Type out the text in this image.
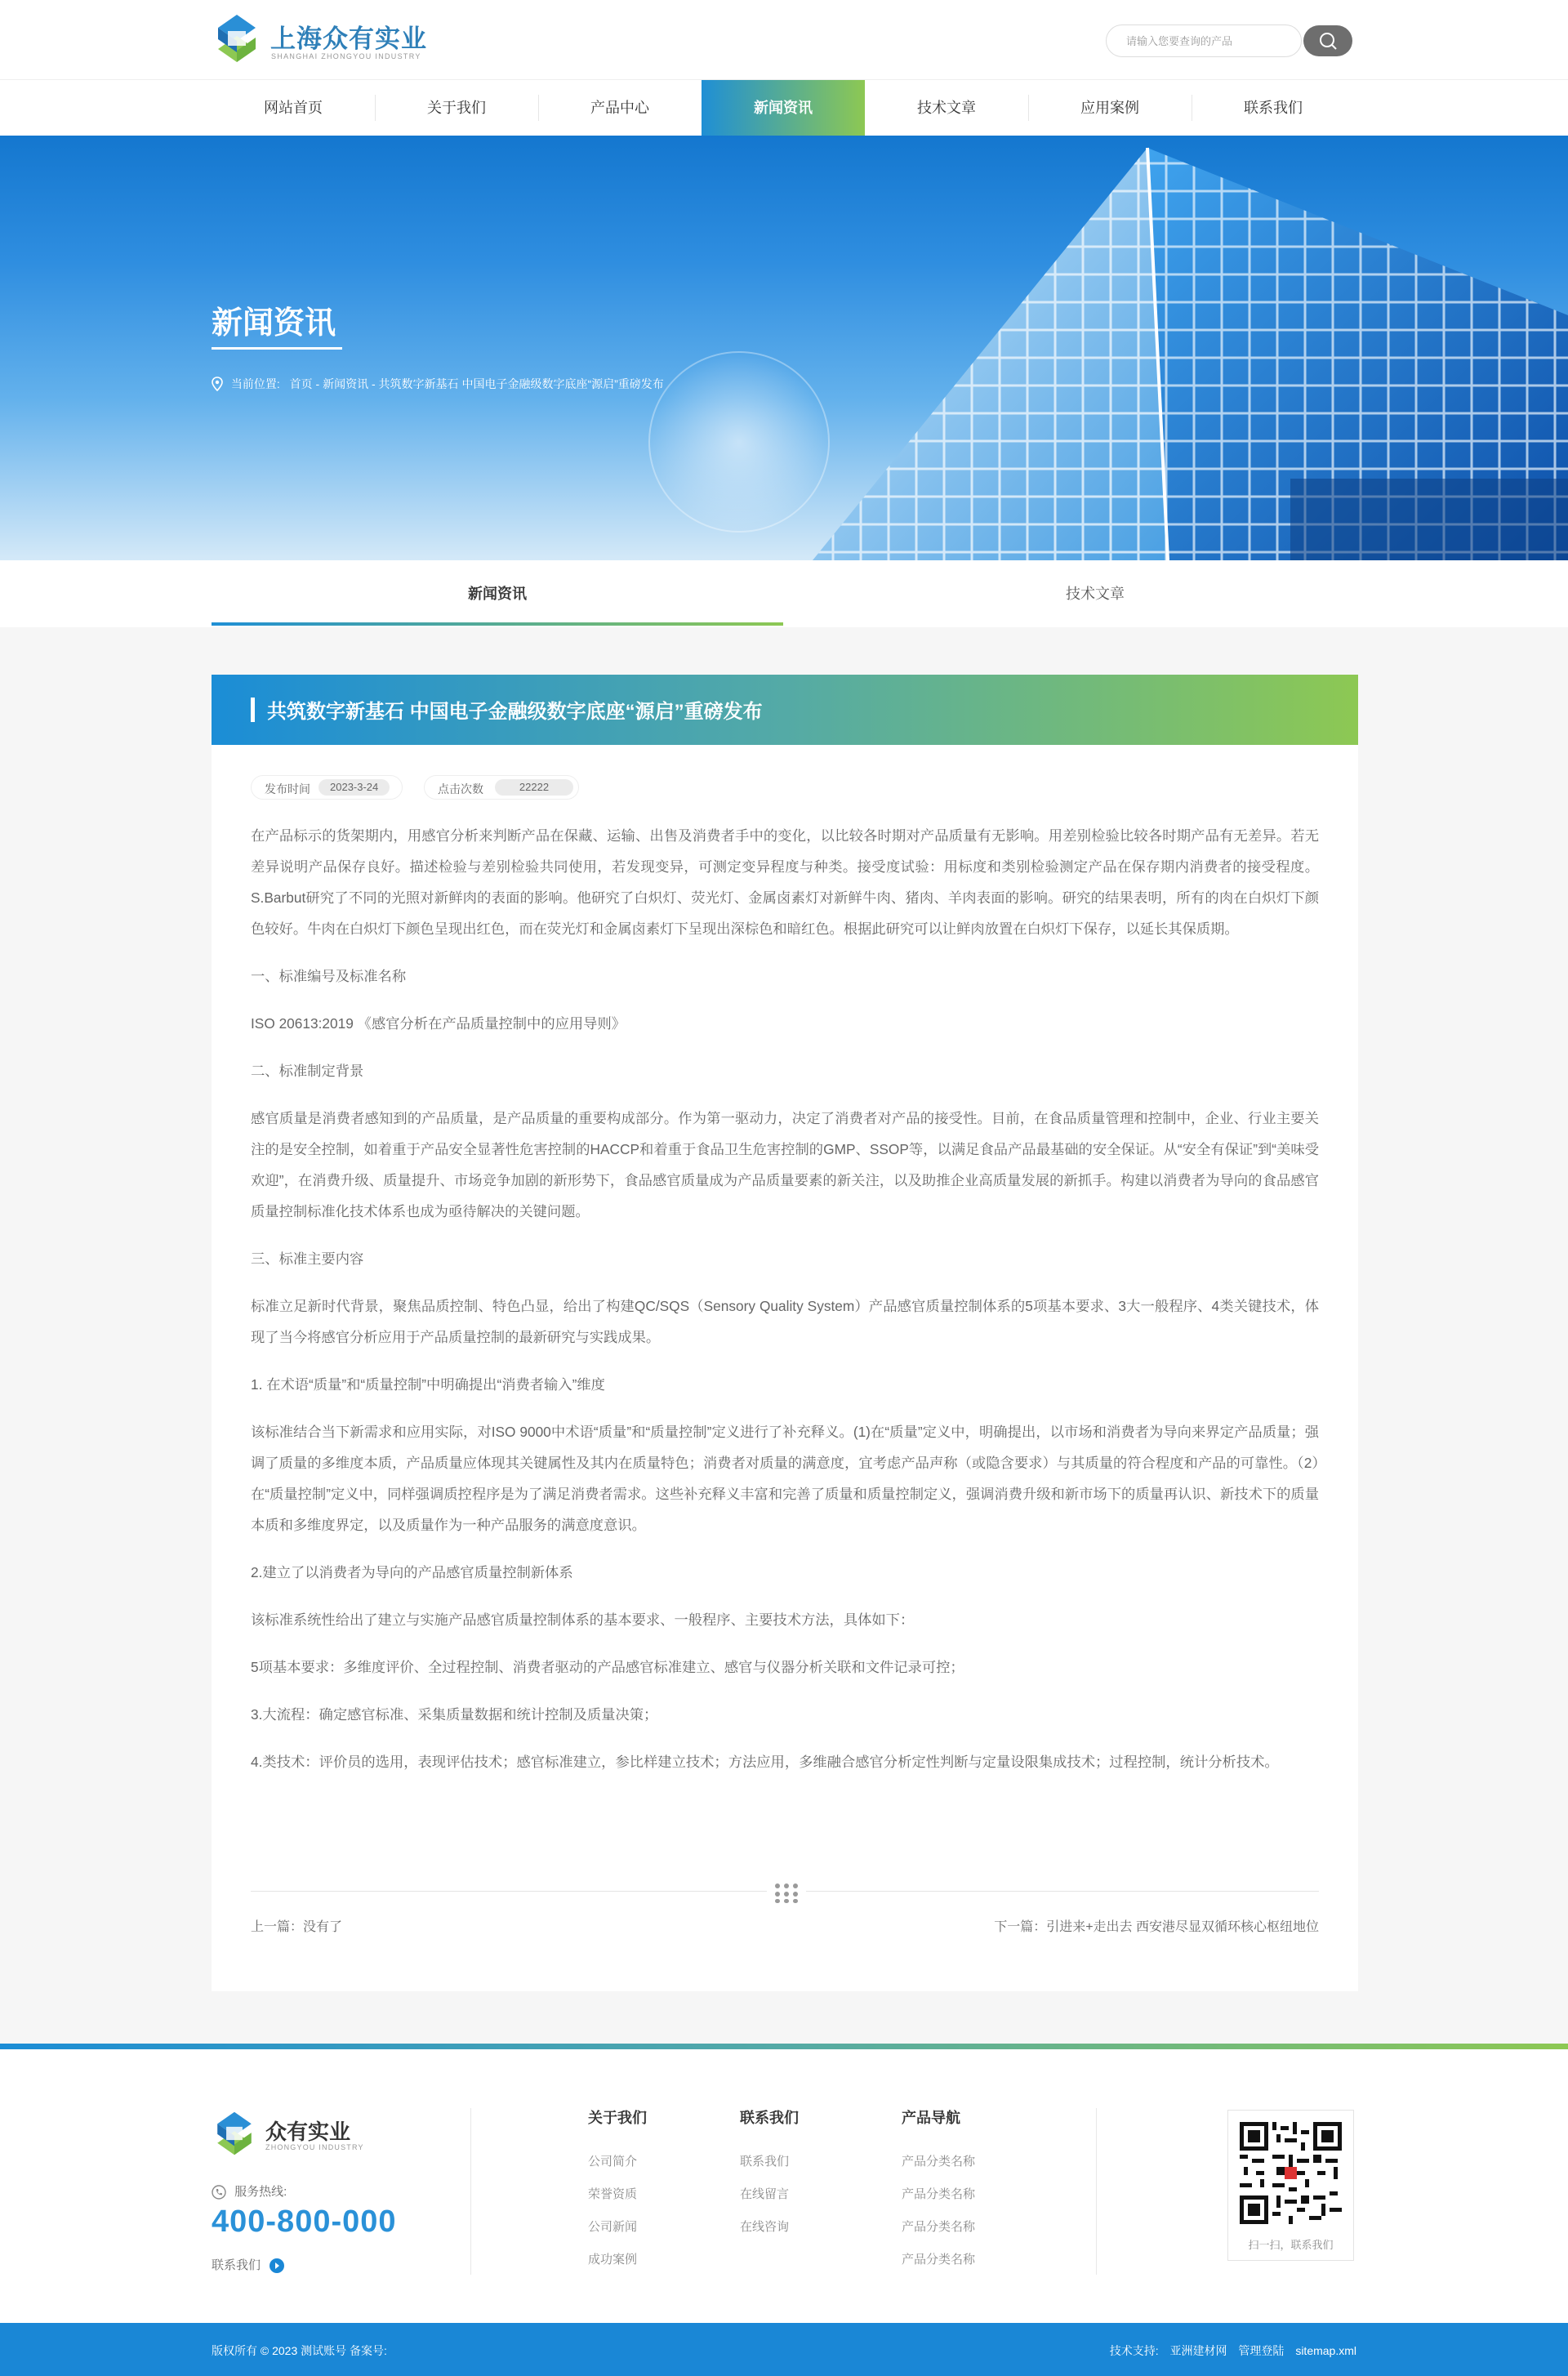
上海众有实业
SHANGHAI ZHONGYOU INDUSTRY
请输入您要查询的产品
网站首页	关于我们	产品中心	新闻资讯	技术文章	应用案例	联系我们
新闻资讯
当前位置: 首页 - 新闻资讯 - 共筑数字新基石 中国电子金融级数字底座“源启”重磅发布
新闻资讯	技术文章
共筑数字新基石 中国电子金融级数字底座“源启”重磅发布
发布时间	2023-3-24	点击次数	22222

在产品标示的货架期内，用感官分析来判断产品在保藏、运输、出售及消费者手中的变化，以比较各时期对产品质量有无影响。用差别检验比较各时期产品有无差异。若无差异说明产品保存良好。描述检验与差别检验共同使用，若发现变异，可测定变异程度与种类。接受度试验：用标度和类别检验测定产品在保存期内消费者的接受程度。S.Barbut研究了不同的光照对新鲜肉的表面的影响。他研究了白炽灯、荧光灯、金属卤素灯对新鲜牛肉、猪肉、羊肉表面的影响。研究的结果表明，所有的肉在白炽灯下颜色较好。牛肉在白炽灯下颜色呈现出红色，而在荧光灯和金属卤素灯下呈现出深棕色和暗红色。根据此研究可以让鲜肉放置在白炽灯下保存，以延长其保质期。

一、标准编号及标准名称

ISO 20613:2019 《感官分析在产品质量控制中的应用导则》

二、标准制定背景

感官质量是消费者感知到的产品质量，是产品质量的重要构成部分。作为第一驱动力，决定了消费者对产品的接受性。目前，在食品质量管理和控制中，企业、行业主要关注的是安全控制，如着重于产品安全显著性危害控制的HACCP和着重于食品卫生危害控制的GMP、SSOP等，以满足食品产品最基础的安全保证。从“安全有保证”到“美味受欢迎”，在消费升级、质量提升、市场竞争加剧的新形势下，食品感官质量成为产品质量要素的新关注，以及助推企业高质量发展的新抓手。构建以消费者为导向的食品感官质量控制标准化技术体系也成为亟待解决的关键问题。

三、标准主要内容

标准立足新时代背景，聚焦品质控制、特色凸显，给出了构建QC/SQS（Sensory Quality System）产品感官质量控制体系的5项基本要求、3大一般程序、4类关键技术，体现了当今将感官分析应用于产品质量控制的最新研究与实践成果。

1. 在术语“质量”和“质量控制”中明确提出“消费者输入”维度

该标准结合当下新需求和应用实际，对ISO 9000中术语“质量”和“质量控制”定义进行了补充释义。(1)在“质量”定义中，明确提出，以市场和消费者为导向来界定产品质量；强调了质量的多维度本质，产品质量应体现其关键属性及其内在质量特色；消费者对质量的满意度，宜考虑产品声称（或隐含要求）与其质量的符合程度和产品的可靠性。（2）在“质量控制”定义中，同样强调质控程序是为了满足消费者需求。这些补充释义丰富和完善了质量和质量控制定义，强调消费升级和新市场下的质量再认识、新技术下的质量本质和多维度界定，以及质量作为一种产品服务的满意度意识。

2.建立了以消费者为导向的产品感官质量控制新体系

该标准系统性给出了建立与实施产品感官质量控制体系的基本要求、一般程序、主要技术方法，具体如下：

5项基本要求：多维度评价、全过程控制、消费者驱动的产品感官标准建立、感官与仪器分析关联和文件记录可控；

3.大流程：确定感官标准、采集质量数据和统计控制及质量决策；

4.类技术：评价员的选用，表现评估技术；感官标准建立，参比样建立技术；方法应用，多维融合感官分析定性判断与定量设限集成技术；过程控制，统计分析技术。

上一篇：没有了	下一篇：引进来+走出去 西安港尽显双循环核心枢纽地位
众有实业
ZHONGYOU INDUSTRY
服务热线:
400-800-000
联系我们
关于我们
公司简介
荣誉资质
公司新闻
成功案例
联系我们
联系我们
在线留言
在线咨询
产品导航
产品分类名称
产品分类名称
产品分类名称
产品分类名称
扫一扫，联系我们
版权所有 © 2023 测试账号 备案号:	技术支持: 亚洲建材网 管理登陆 sitemap.xml
